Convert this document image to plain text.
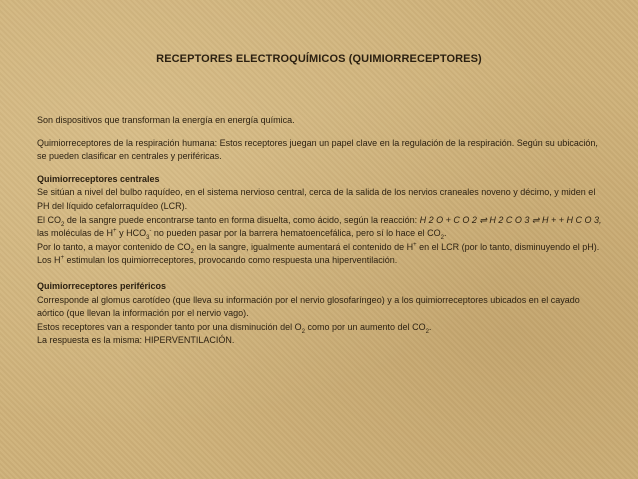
RECEPTORES ELECTROQUÍMICOS (QUIMIORRECEPTORES)

Son dispositivos que transforman la energía en energía química.

Quimiorreceptores de la respiración humana: Estos receptores juegan un papel clave en la regulación de la respiración. Según su ubicación, se pueden clasificar en centrales y periféricas.

Quimiorreceptores centrales

Se sitúan a nivel del bulbo raquídeo, en el sistema nervioso central, cerca de la salida de los nervios craneales noveno y décimo, y miden el PH del líquido cefalorraquídeo (LCR).

El $CO_2$ de la sangre puede encontrarse tanto en forma disuelta, como ácido, según la reacción: H 2 O + C O 2 ⇌ H 2 C O 3 ⇌ H + + H C O 3,

las moléculas de H+ y $HCO_3^-$ no pueden pasar por la barrera hematoencefálica, pero sí lo hace el $CO_2$.

Por lo tanto, a mayor contenido de $CO_2$ en la sangre, igualmente aumentará el contenido de H+ en el LCR (por lo tanto, disminuyendo el pH).

Los H+ estimulan los quimiorreceptores, provocando como respuesta una hiperventilación.

Quimiorreceptores periféricos

Corresponde al glomus carotídeo (que lleva su información por el nervio glosofaríngeo) y a los quimiorreceptores ubicados en el cayado aórtico (que llevan la información por el nervio vago).

Estos receptores van a responder tanto por una disminución del $O_2$ como por un aumento del $CO_2$.

La respuesta es la misma: HIPERVENTILACIÓN.
